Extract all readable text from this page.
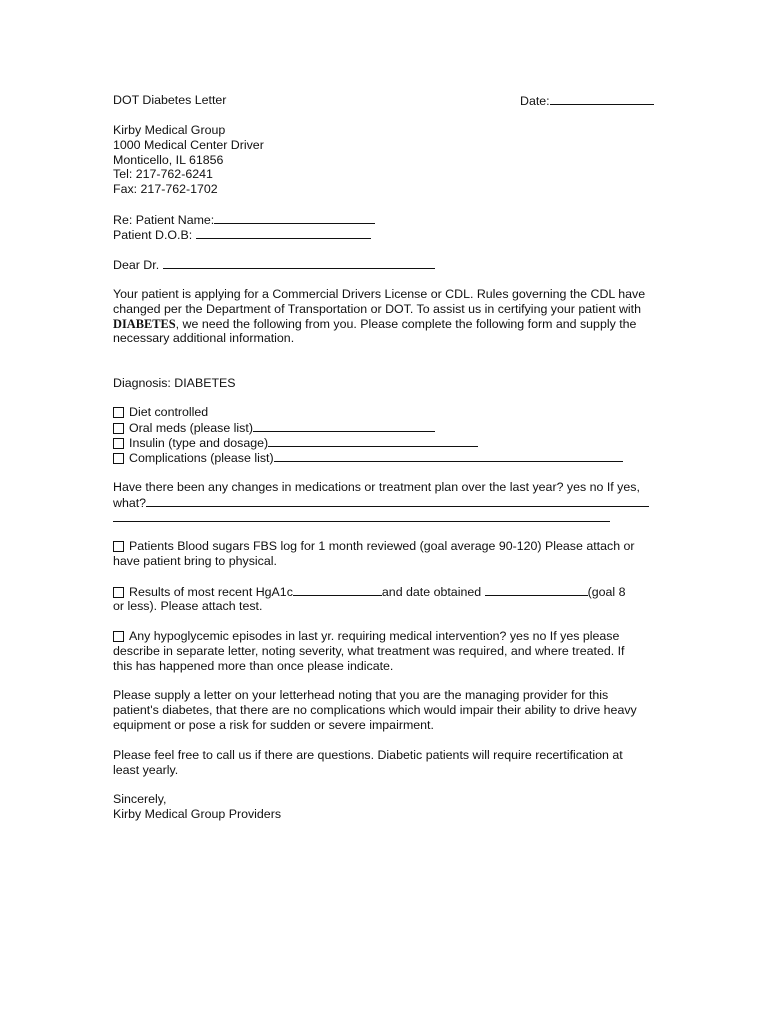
DOT Diabetes Letter	Date:
Kirby Medical Group
1000 Medical Center Driver
Monticello, IL 61856
Tel: 217-762-6241
Fax: 217-762-1702
Re: Patient Name:
Patient D.O.B:
Dear Dr.
Your patient is applying for a Commercial Drivers License or CDL. Rules governing the CDL have
changed per the Department of Transportation or DOT. To assist us in certifying your patient with
DIABETES, we need the following from you. Please complete the following form and supply the
necessary additional information.
Diagnosis: DIABETES
Diet controlled
Oral meds (please list)
Insulin (type and dosage)
Complications (please list)
Have there been any changes in medications or treatment plan over the last year? yes no If yes,
what?
Patients Blood sugars FBS log for 1 month reviewed (goal average 90-120) Please attach or
have patient bring to physical.
Results of most recent HgA1c	and date obtained	(goal 8
or less). Please attach test.
Any hypoglycemic episodes in last yr. requiring medical intervention? yes no If yes please
describe in separate letter, noting severity, what treatment was required, and where treated. If
this has happened more than once please indicate.
Please supply a letter on your letterhead noting that you are the managing provider for this
patient's diabetes, that there are no complications which would impair their ability to drive heavy
equipment or pose a risk for sudden or severe impairment.
Please feel free to call us if there are questions. Diabetic patients will require recertification at
least yearly.
Sincerely,
Kirby Medical Group Providers
